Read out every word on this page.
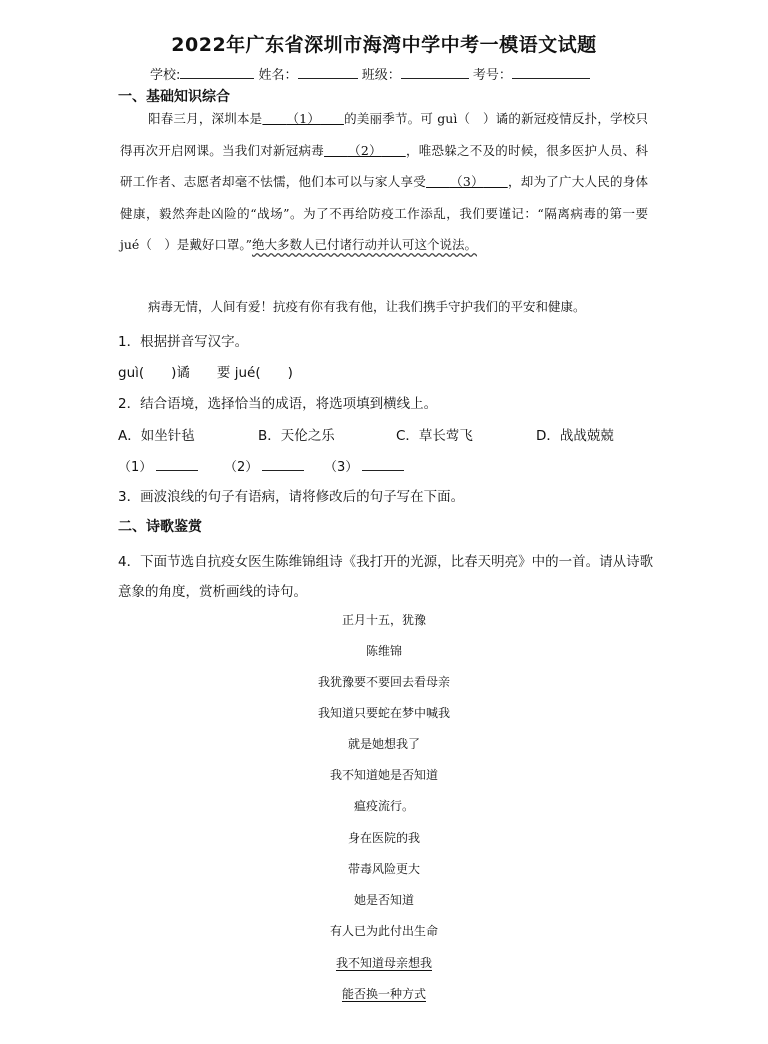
2022年广东省深圳市海湾中学中考一模语文试题
学校:	姓名：	班级：	考号：
一、基础知识综合
阳春三月，深圳本是    （1）    的美丽季节。可 guì（　）谲的新冠疫情反扑，学校只得再次开启网课。当我们对新冠病毒    （2）    ，唯恐躲之不及的时候，很多医护人员、科研工作者、志愿者却毫不怯懦，他们本可以与家人享受    （3）    ，却为了广大人民的身体健康，毅然奔赴凶险的“战场”。为了不再给防疫工作添乱，我们要谨记：“隔离病毒的第一要 jué（　）是戴好口罩。”绝大多数人已付诸行动并认可这个说法。
病毒无情，人间有爱！抗疫有你有我有他，让我们携手守护我们的平安和健康。
1．根据拼音写汉字。
guì(　　)谲　　要 jué(　　)
2．结合语境，选择恰当的成语，将选项填到横线上。
A．如坐针毡	B．天伦之乐	C．草长莺飞	D．战战兢兢
（1）	（2）	（3）
3．画波浪线的句子有语病，请将修改后的句子写在下面。
二、诗歌鉴赏
4．下面节选自抗疫女医生陈维锦组诗《我打开的光源，比春天明亮》中的一首。请从诗歌意象的角度，赏析画线的诗句。
正月十五，犹豫
陈维锦
我犹豫要不要回去看母亲
我知道只要蛇在梦中喊我
就是她想我了
我不知道她是否知道
瘟疫流行。
身在医院的我
带毒风险更大
她是否知道
有人已为此付出生命
我不知道母亲想我
能否换一种方式
